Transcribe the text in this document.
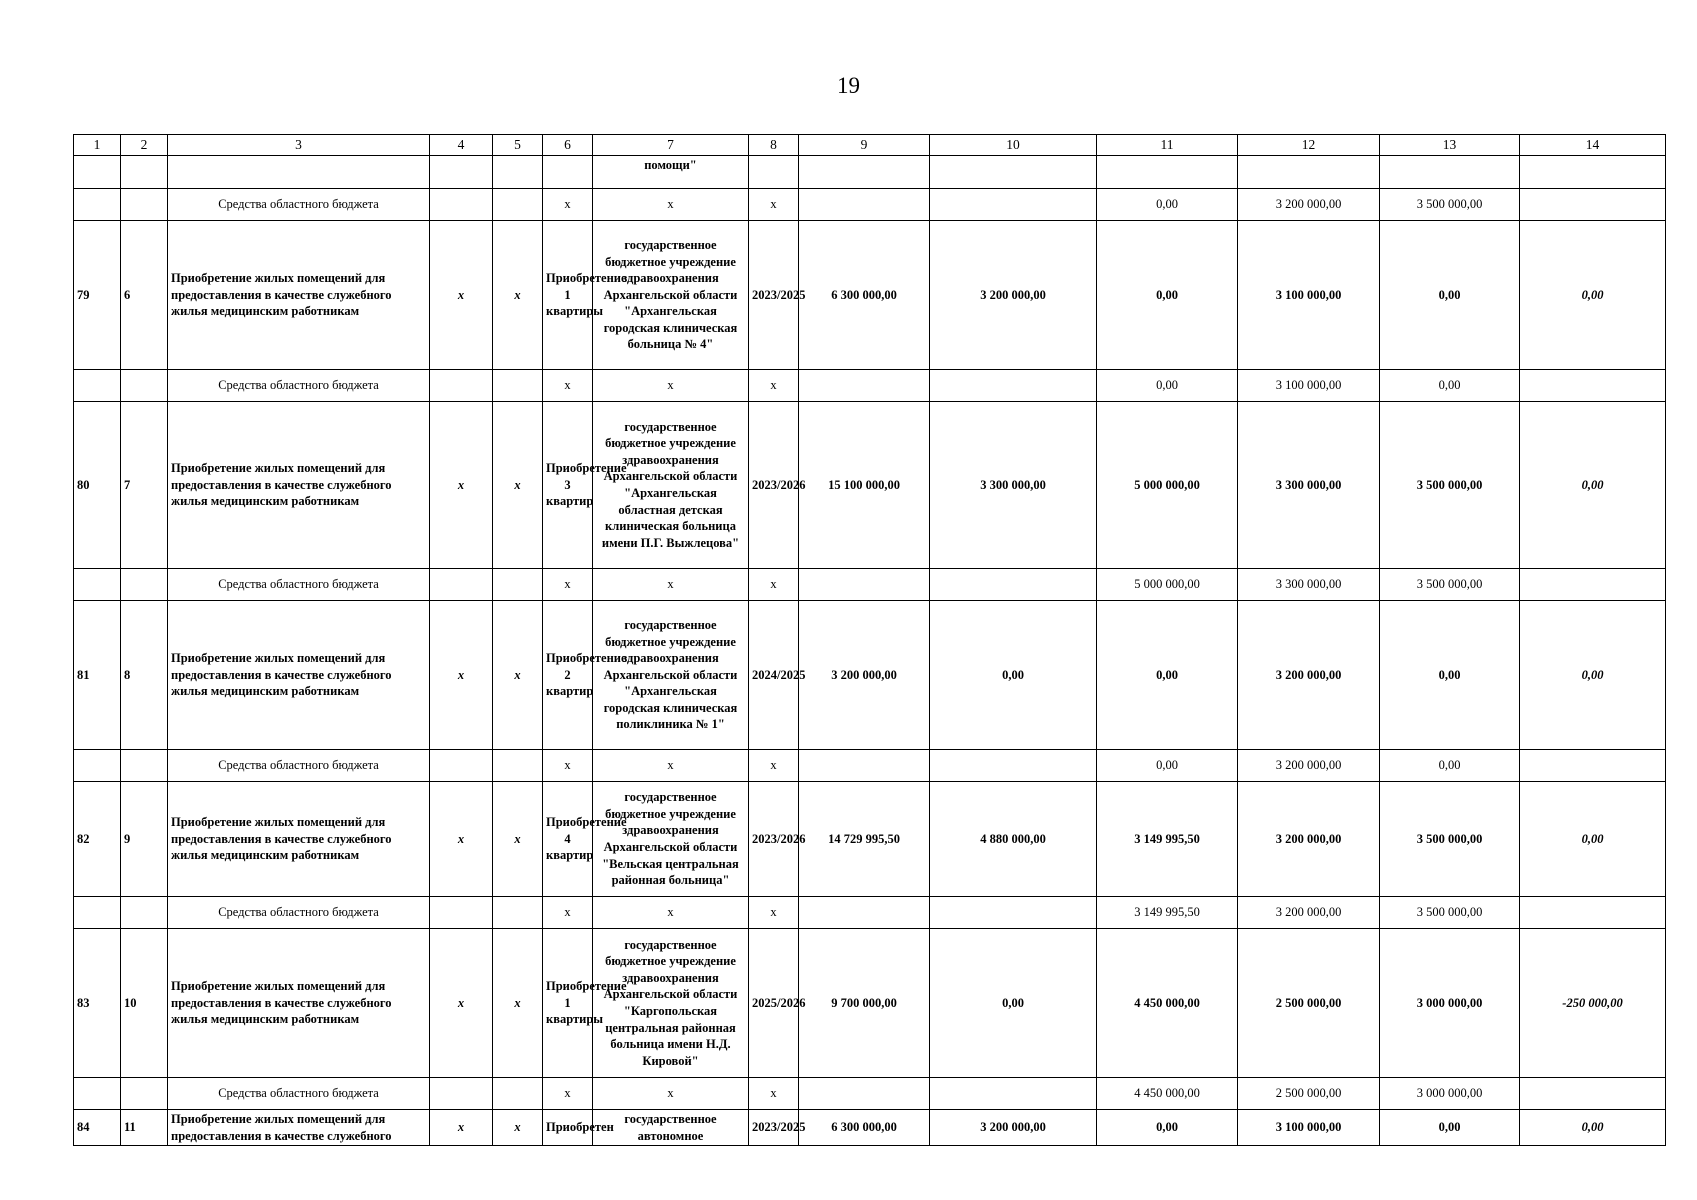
19
1	2	3	4	5	6	7	8	9	10	11	12	13	14
						помощи"							
		Средства областного бюджета			х	х	х			0,00	3 200 000,00	3 500 000,00	
79	6	Приобретение жилых помещений для предоставления в качестве служебного жилья медицинским работникам	х	х	Приобретение 1 квартиры	государственное бюджетное учреждение здравоохранения Архангельской области "Архангельская городская клиническая больница № 4"	2023/2025	6 300 000,00	3 200 000,00	0,00	3 100 000,00	0,00	0,00
		Средства областного бюджета			х	х	х			0,00	3 100 000,00	0,00	
80	7	Приобретение жилых помещений для предоставления в качестве служебного жилья медицинским работникам	х	х	Приобретение 3 квартир	государственное бюджетное учреждение здравоохранения Архангельской области "Архангельская областная детская клиническая больница имени П.Г. Выжлецова"	2023/2026	15 100 000,00	3 300 000,00	5 000 000,00	3 300 000,00	3 500 000,00	0,00
		Средства областного бюджета			х	х	х			5 000 000,00	3 300 000,00	3 500 000,00	
81	8	Приобретение жилых помещений для предоставления в качестве служебного жилья медицинским работникам	х	х	Приобретение 2 квартир	государственное бюджетное учреждение здравоохранения Архангельской области "Архангельская городская клиническая поликлиника № 1"	2024/2025	3 200 000,00	0,00	0,00	3 200 000,00	0,00	0,00
		Средства областного бюджета			х	х	х			0,00	3 200 000,00	0,00	
82	9	Приобретение жилых помещений для предоставления в качестве служебного жилья медицинским работникам	х	х	Приобретение 4 квартир	государственное бюджетное учреждение здравоохранения Архангельской области "Вельская центральная районная больница"	2023/2026	14 729 995,50	4 880 000,00	3 149 995,50	3 200 000,00	3 500 000,00	0,00
		Средства областного бюджета			х	х	х			3 149 995,50	3 200 000,00	3 500 000,00	
83	10	Приобретение жилых помещений для предоставления в качестве служебного жилья медицинским работникам	х	х	Приобретение 1 квартиры	государственное бюджетное учреждение здравоохранения Архангельской области "Каргопольская центральная районная больница имени Н.Д. Кировой"	2025/2026	9 700 000,00	0,00	4 450 000,00	2 500 000,00	3 000 000,00	-250 000,00
		Средства областного бюджета			х	х	х			4 450 000,00	2 500 000,00	3 000 000,00	
84	11	Приобретение жилых помещений для предоставления в качестве служебного	х	х	Приобретен	государственное автономное	2023/2025	6 300 000,00	3 200 000,00	0,00	3 100 000,00	0,00	0,00
